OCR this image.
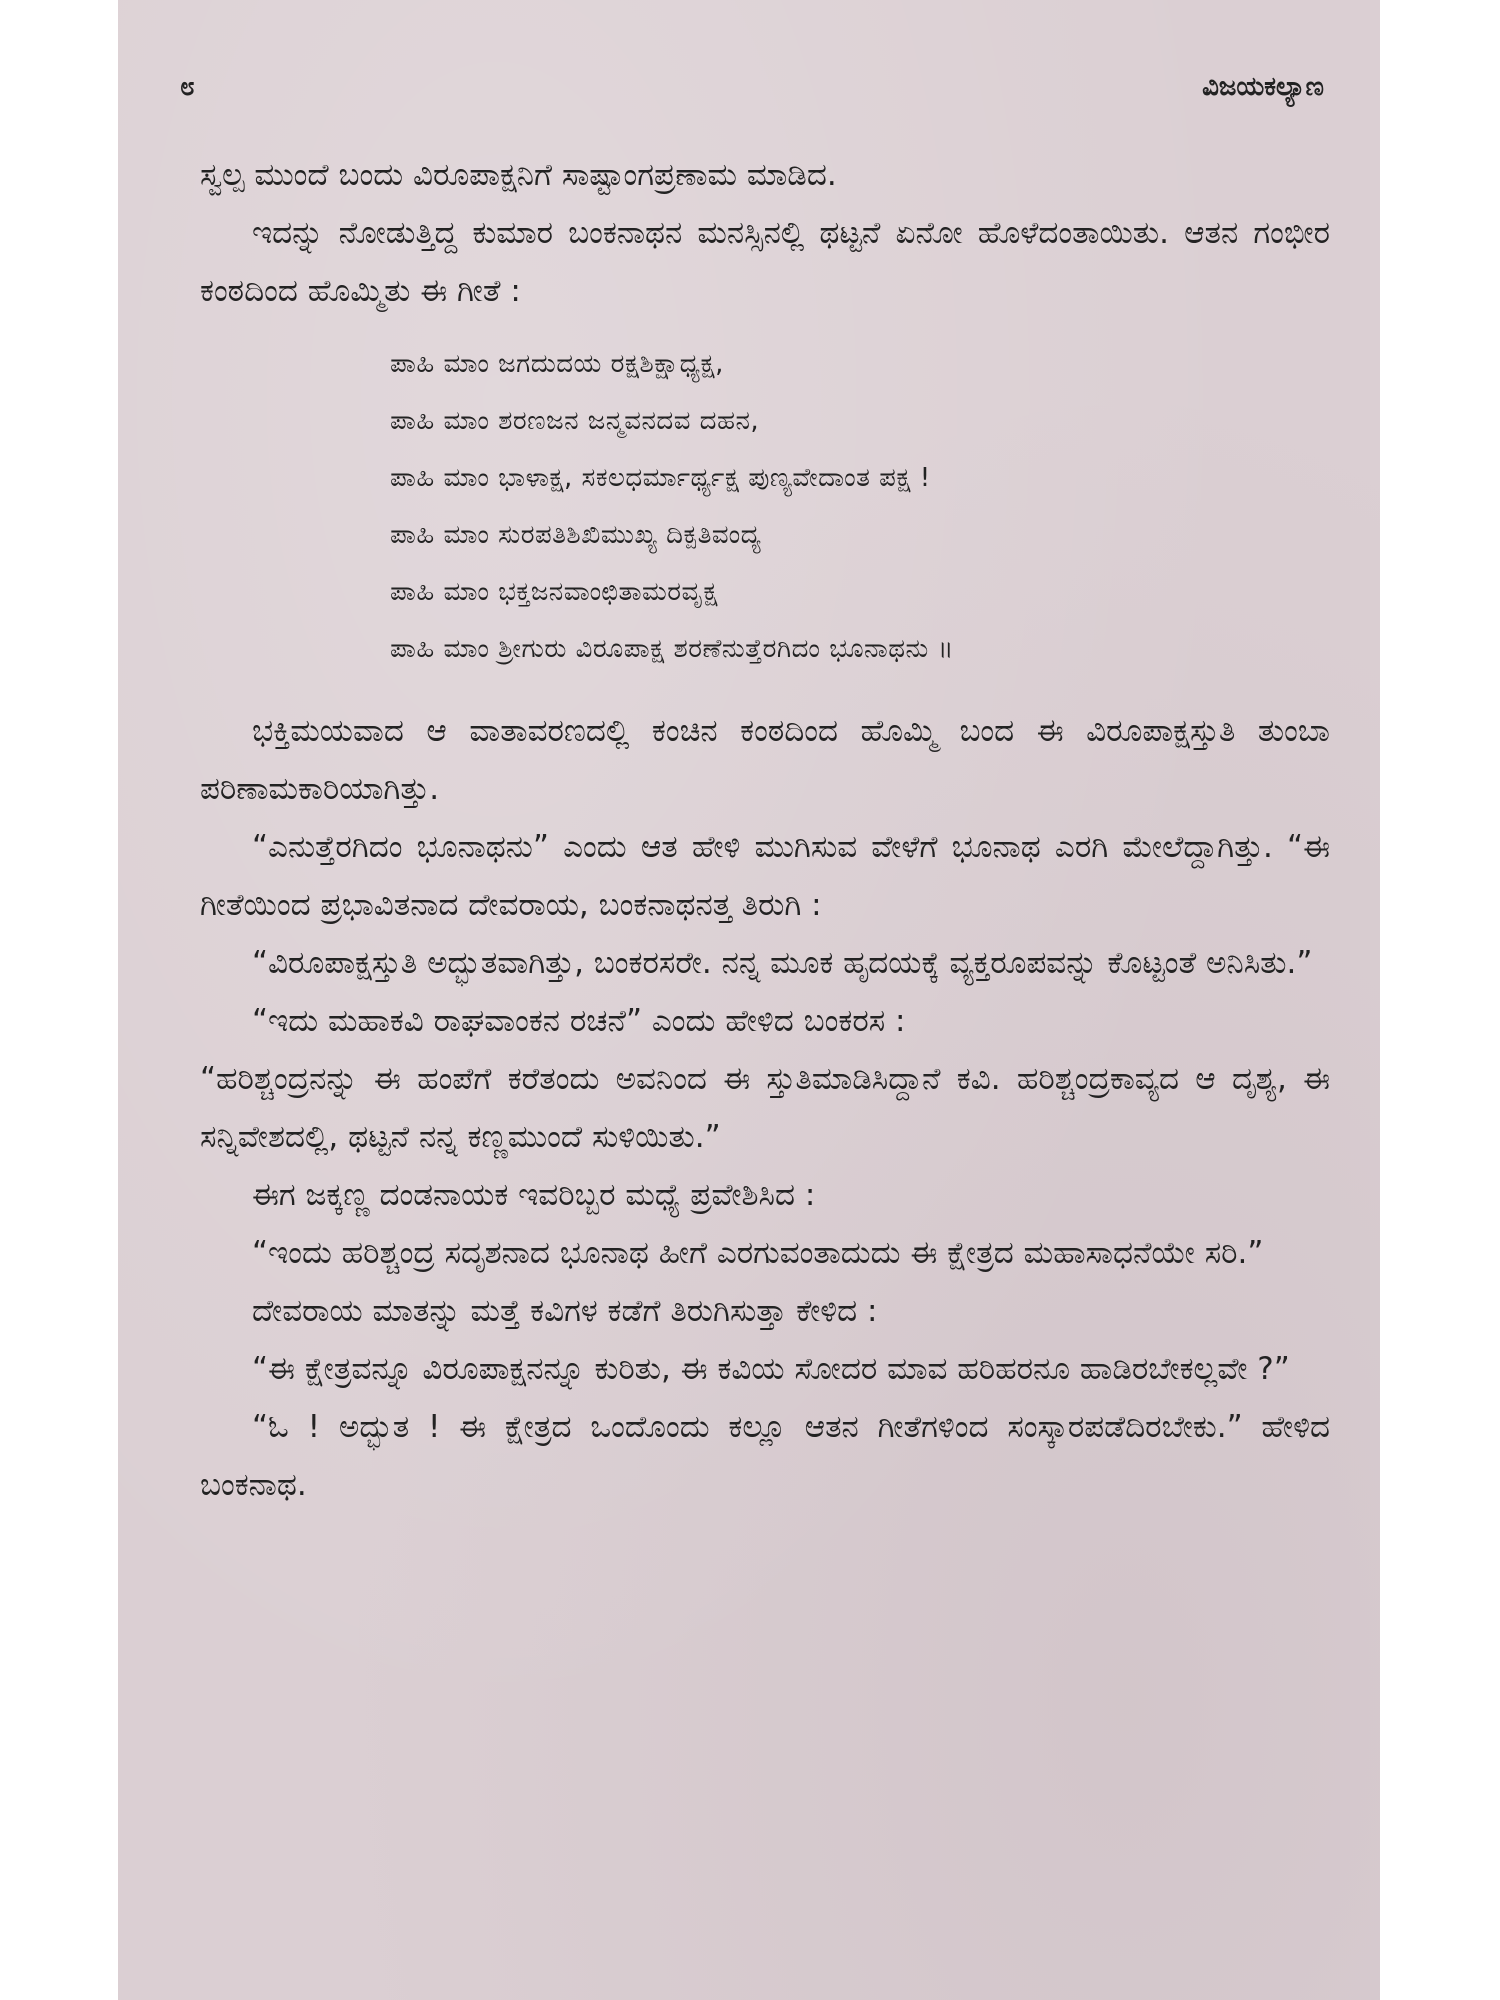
೮	ವಿಜಯಕಲ್ಯಾಣ

ಸ್ವಲ್ಪ ಮುಂದೆ ಬಂದು ವಿರೂಪಾಕ್ಷನಿಗೆ ಸಾಷ್ಟಾಂಗಪ್ರಣಾಮ ಮಾಡಿದ.

ಇದನ್ನು ನೋಡುತ್ತಿದ್ದ ಕುಮಾರ ಬಂಕನಾಥನ ಮನಸ್ಸಿನಲ್ಲಿ ಥಟ್ಟನೆ ಏನೋ ಹೊಳೆದಂತಾಯಿತು. ಆತನ ಗಂಭೀರ ಕಂಠದಿಂದ ಹೊಮ್ಮಿತು ಈ ಗೀತೆ :

ಪಾಹಿ ಮಾಂ ಜಗದುದಯ ರಕ್ಷಶಿಕ್ಷಾಧ್ಯಕ್ಷ,
ಪಾಹಿ ಮಾಂ ಶರಣಜನ ಜನ್ಮವನದವ ದಹನ,
ಪಾಹಿ ಮಾಂ ಭಾಳಾಕ್ಷ, ಸಕಲಧರ್ಮಾರ್ಥ್ಯಕ್ಷ ಪುಣ್ಯವೇದಾಂತ ಪಕ್ಷ !
ಪಾಹಿ ಮಾಂ ಸುರಪತಿಶಿಖಿಮುಖ್ಯ ದಿಕ್ಪತಿವಂದ್ಯ
ಪಾಹಿ ಮಾಂ ಭಕ್ತಜನವಾಂಛಿತಾಮರವೃಕ್ಷ
ಪಾಹಿ ಮಾಂ ಶ್ರೀಗುರು ವಿರೂಪಾಕ್ಷ ಶರಣೆನುತ್ತೆರಗಿದಂ ಭೂನಾಥನು ॥

ಭಕ್ತಿಮಯವಾದ ಆ ವಾತಾವರಣದಲ್ಲಿ ಕಂಚಿನ ಕಂಠದಿಂದ ಹೊಮ್ಮಿ ಬಂದ ಈ ವಿರೂಪಾಕ್ಷಸ್ತುತಿ ತುಂಬಾ ಪರಿಣಾಮಕಾರಿಯಾಗಿತ್ತು.

“ಎನುತ್ತೆರಗಿದಂ ಭೂನಾಥನು” ಎಂದು ಆತ ಹೇಳಿ ಮುಗಿಸುವ ವೇಳೆಗೆ ಭೂನಾಥ ಎರಗಿ ಮೇಲೆದ್ದಾಗಿತ್ತು. “ಈ ಗೀತೆಯಿಂದ ಪ್ರಭಾವಿತನಾದ ದೇವರಾಯ, ಬಂಕನಾಥನತ್ತ ತಿರುಗಿ :

“ವಿರೂಪಾಕ್ಷಸ್ತುತಿ ಅದ್ಭುತವಾಗಿತ್ತು, ಬಂಕರಸರೇ. ನನ್ನ ಮೂಕ ಹೃದಯಕ್ಕೆ ವ್ಯಕ್ತರೂಪವನ್ನು ಕೊಟ್ಟಂತೆ ಅನಿಸಿತು.”

“ಇದು ಮಹಾಕವಿ ರಾಘವಾಂಕನ ರಚನೆ” ಎಂದು ಹೇಳಿದ ಬಂಕರಸ :

“ಹರಿಶ್ಚಂದ್ರನನ್ನು ಈ ಹಂಪೆಗೆ ಕರೆತಂದು ಅವನಿಂದ ಈ ಸ್ತುತಿಮಾಡಿಸಿದ್ದಾನೆ ಕವಿ. ಹರಿಶ್ಚಂದ್ರಕಾವ್ಯದ ಆ ದೃಶ್ಯ, ಈ ಸನ್ನಿವೇಶದಲ್ಲಿ, ಥಟ್ಟನೆ ನನ್ನ ಕಣ್ಣಮುಂದೆ ಸುಳಿಯಿತು.”

ಈಗ ಜಕ್ಕಣ್ಣ ದಂಡನಾಯಕ ಇವರಿಬ್ಬರ ಮಧ್ಯೆ ಪ್ರವೇಶಿಸಿದ :

“ಇಂದು ಹರಿಶ್ಚಂದ್ರ ಸದೃಶನಾದ ಭೂನಾಥ ಹೀಗೆ ಎರಗುವಂತಾದುದು ಈ ಕ್ಷೇತ್ರದ ಮಹಾಸಾಧನೆಯೇ ಸರಿ.”

ದೇವರಾಯ ಮಾತನ್ನು ಮತ್ತೆ ಕವಿಗಳ ಕಡೆಗೆ ತಿರುಗಿಸುತ್ತಾ ಕೇಳಿದ :

“ಈ ಕ್ಷೇತ್ರವನ್ನೂ ವಿರೂಪಾಕ್ಷನನ್ನೂ ಕುರಿತು, ಈ ಕವಿಯ ಸೋದರ ಮಾವ ಹರಿಹರನೂ ಹಾಡಿರಬೇಕಲ್ಲವೇ ?”

“ಓ ! ಅದ್ಭುತ ! ಈ ಕ್ಷೇತ್ರದ ಒಂದೊಂದು ಕಲ್ಲೂ ಆತನ ಗೀತೆಗಳಿಂದ ಸಂಸ್ಕಾರಪಡೆದಿರಬೇಕು.” ಹೇಳಿದ ಬಂಕನಾಥ.
